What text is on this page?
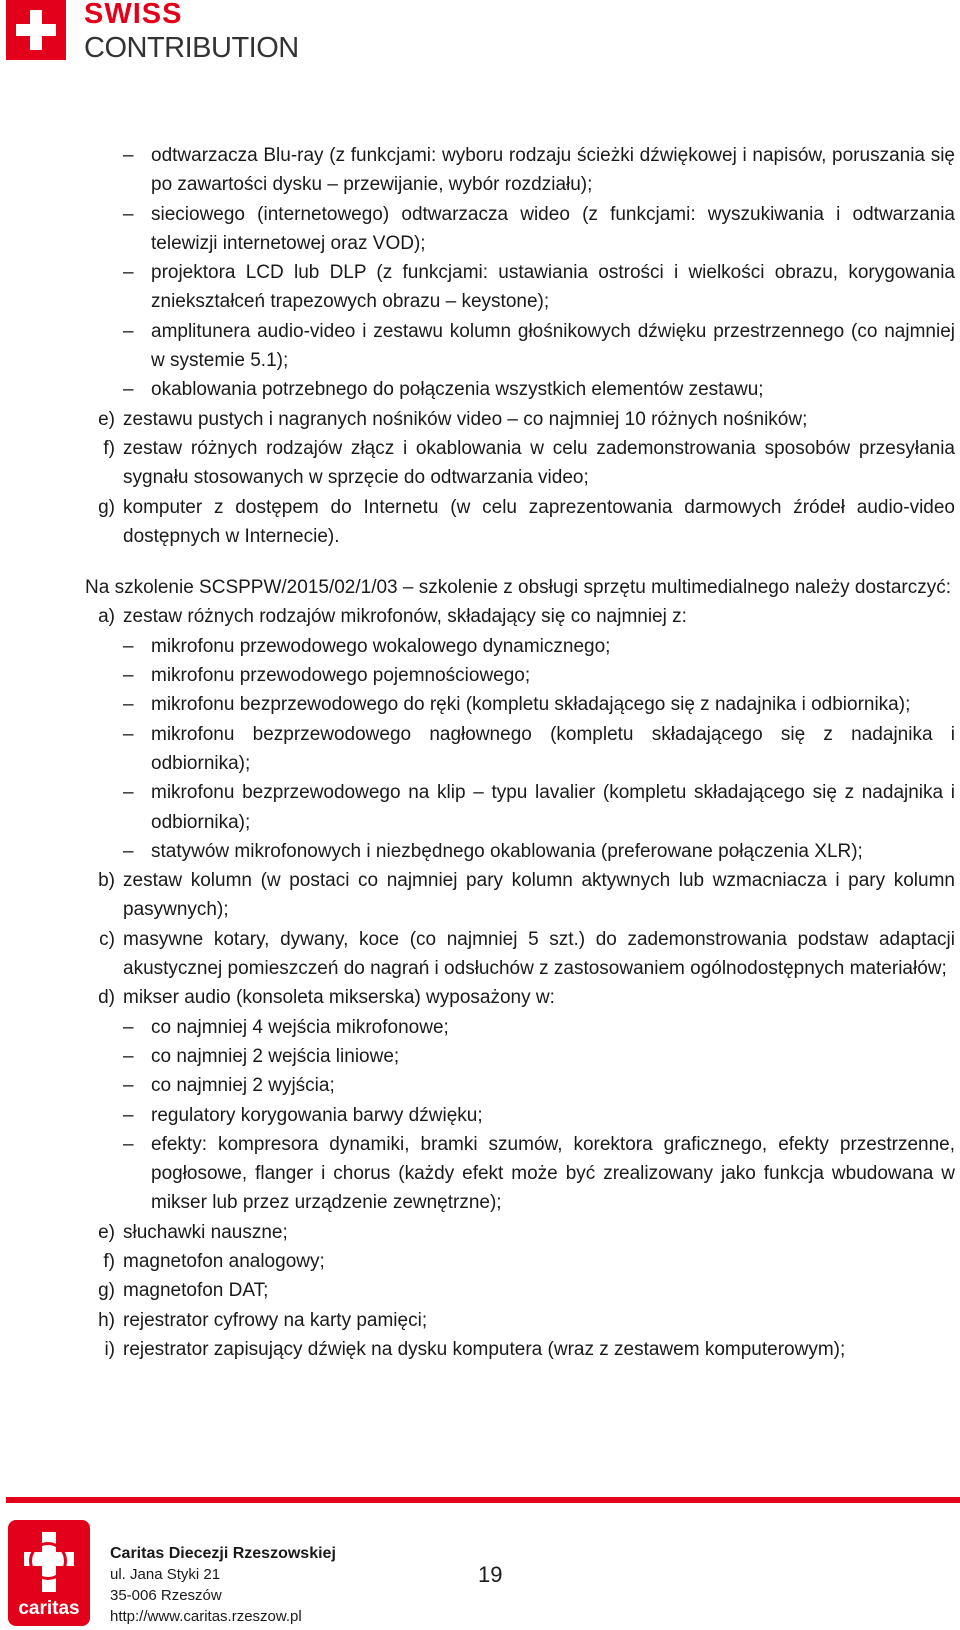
SWISS
CONTRIBUTION
– odtwarzacza Blu-ray (z funkcjami: wyboru rodzaju ścieżki dźwiękowej i napisów, poruszania się po zawartości dysku – przewijanie, wybór rozdziału);
– sieciowego (internetowego) odtwarzacza wideo (z funkcjami: wyszukiwania i odtwarzania telewizji internetowej oraz VOD);
– projektora LCD lub DLP (z funkcjami: ustawiania ostrości i wielkości obrazu, korygowania zniekształceń trapezowych obrazu – keystone);
– amplitunera audio-video i zestawu kolumn głośnikowych dźwięku przestrzennego (co najmniej w systemie 5.1);
– okablowania potrzebnego do połączenia wszystkich elementów zestawu;
e) zestawu pustych i nagranych nośników video – co najmniej 10 różnych nośników;
f) zestaw różnych rodzajów złącz i okablowania w celu zademonstrowania sposobów przesyłania sygnału stosowanych w sprzęcie do odtwarzania video;
g) komputer z dostępem do Internetu (w celu zaprezentowania darmowych źródeł audio-video dostępnych w Internecie).
Na szkolenie SCSPPW/2015/02/1/03 – szkolenie z obsługi sprzętu multimedialnego należy dostarczyć:
a) zestaw różnych rodzajów mikrofonów, składający się co najmniej z:
– mikrofonu przewodowego wokalowego dynamicznego;
– mikrofonu przewodowego pojemnościowego;
– mikrofonu bezprzewodowego do ręki (kompletu składającego się z nadajnika i odbiornika);
– mikrofonu bezprzewodowego nagłownego (kompletu składającego się z nadajnika i odbiornika);
– mikrofonu bezprzewodowego na klip – typu lavalier (kompletu składającego się z nadajnika i odbiornika);
– statywów mikrofonowych i niezbędnego okablowania (preferowane połączenia XLR);
b) zestaw kolumn (w postaci co najmniej pary kolumn aktywnych lub wzmacniacza i pary kolumn pasywnych);
c) masywne kotary, dywany, koce (co najmniej 5 szt.) do zademonstrowania podstaw adaptacji akustycznej pomieszczeń do nagrań i odsłuchów z zastosowaniem ogólnodostępnych materiałów;
d) mikser audio (konsoleta mikserska) wyposażony w:
– co najmniej 4 wejścia mikrofonowe;
– co najmniej 2 wejścia liniowe;
– co najmniej 2 wyjścia;
– regulatory korygowania barwy dźwięku;
– efekty: kompresora dynamiki, bramki szumów, korektora graficznego, efekty przestrzenne, pogłosowe, flanger i chorus (każdy efekt może być zrealizowany jako funkcja wbudowana w mikser lub przez urządzenie zewnętrzne);
e) słuchawki nauszne;
f) magnetofon analogowy;
g) magnetofon DAT;
h) rejestrator cyfrowy na karty pamięci;
i) rejestrator zapisujący dźwięk na dysku komputera (wraz z zestawem komputerowym);
caritas
Caritas Diecezji Rzeszowskiej
ul. Jana Styki 21
35-006 Rzeszów
http://www.caritas.rzeszow.pl
19
